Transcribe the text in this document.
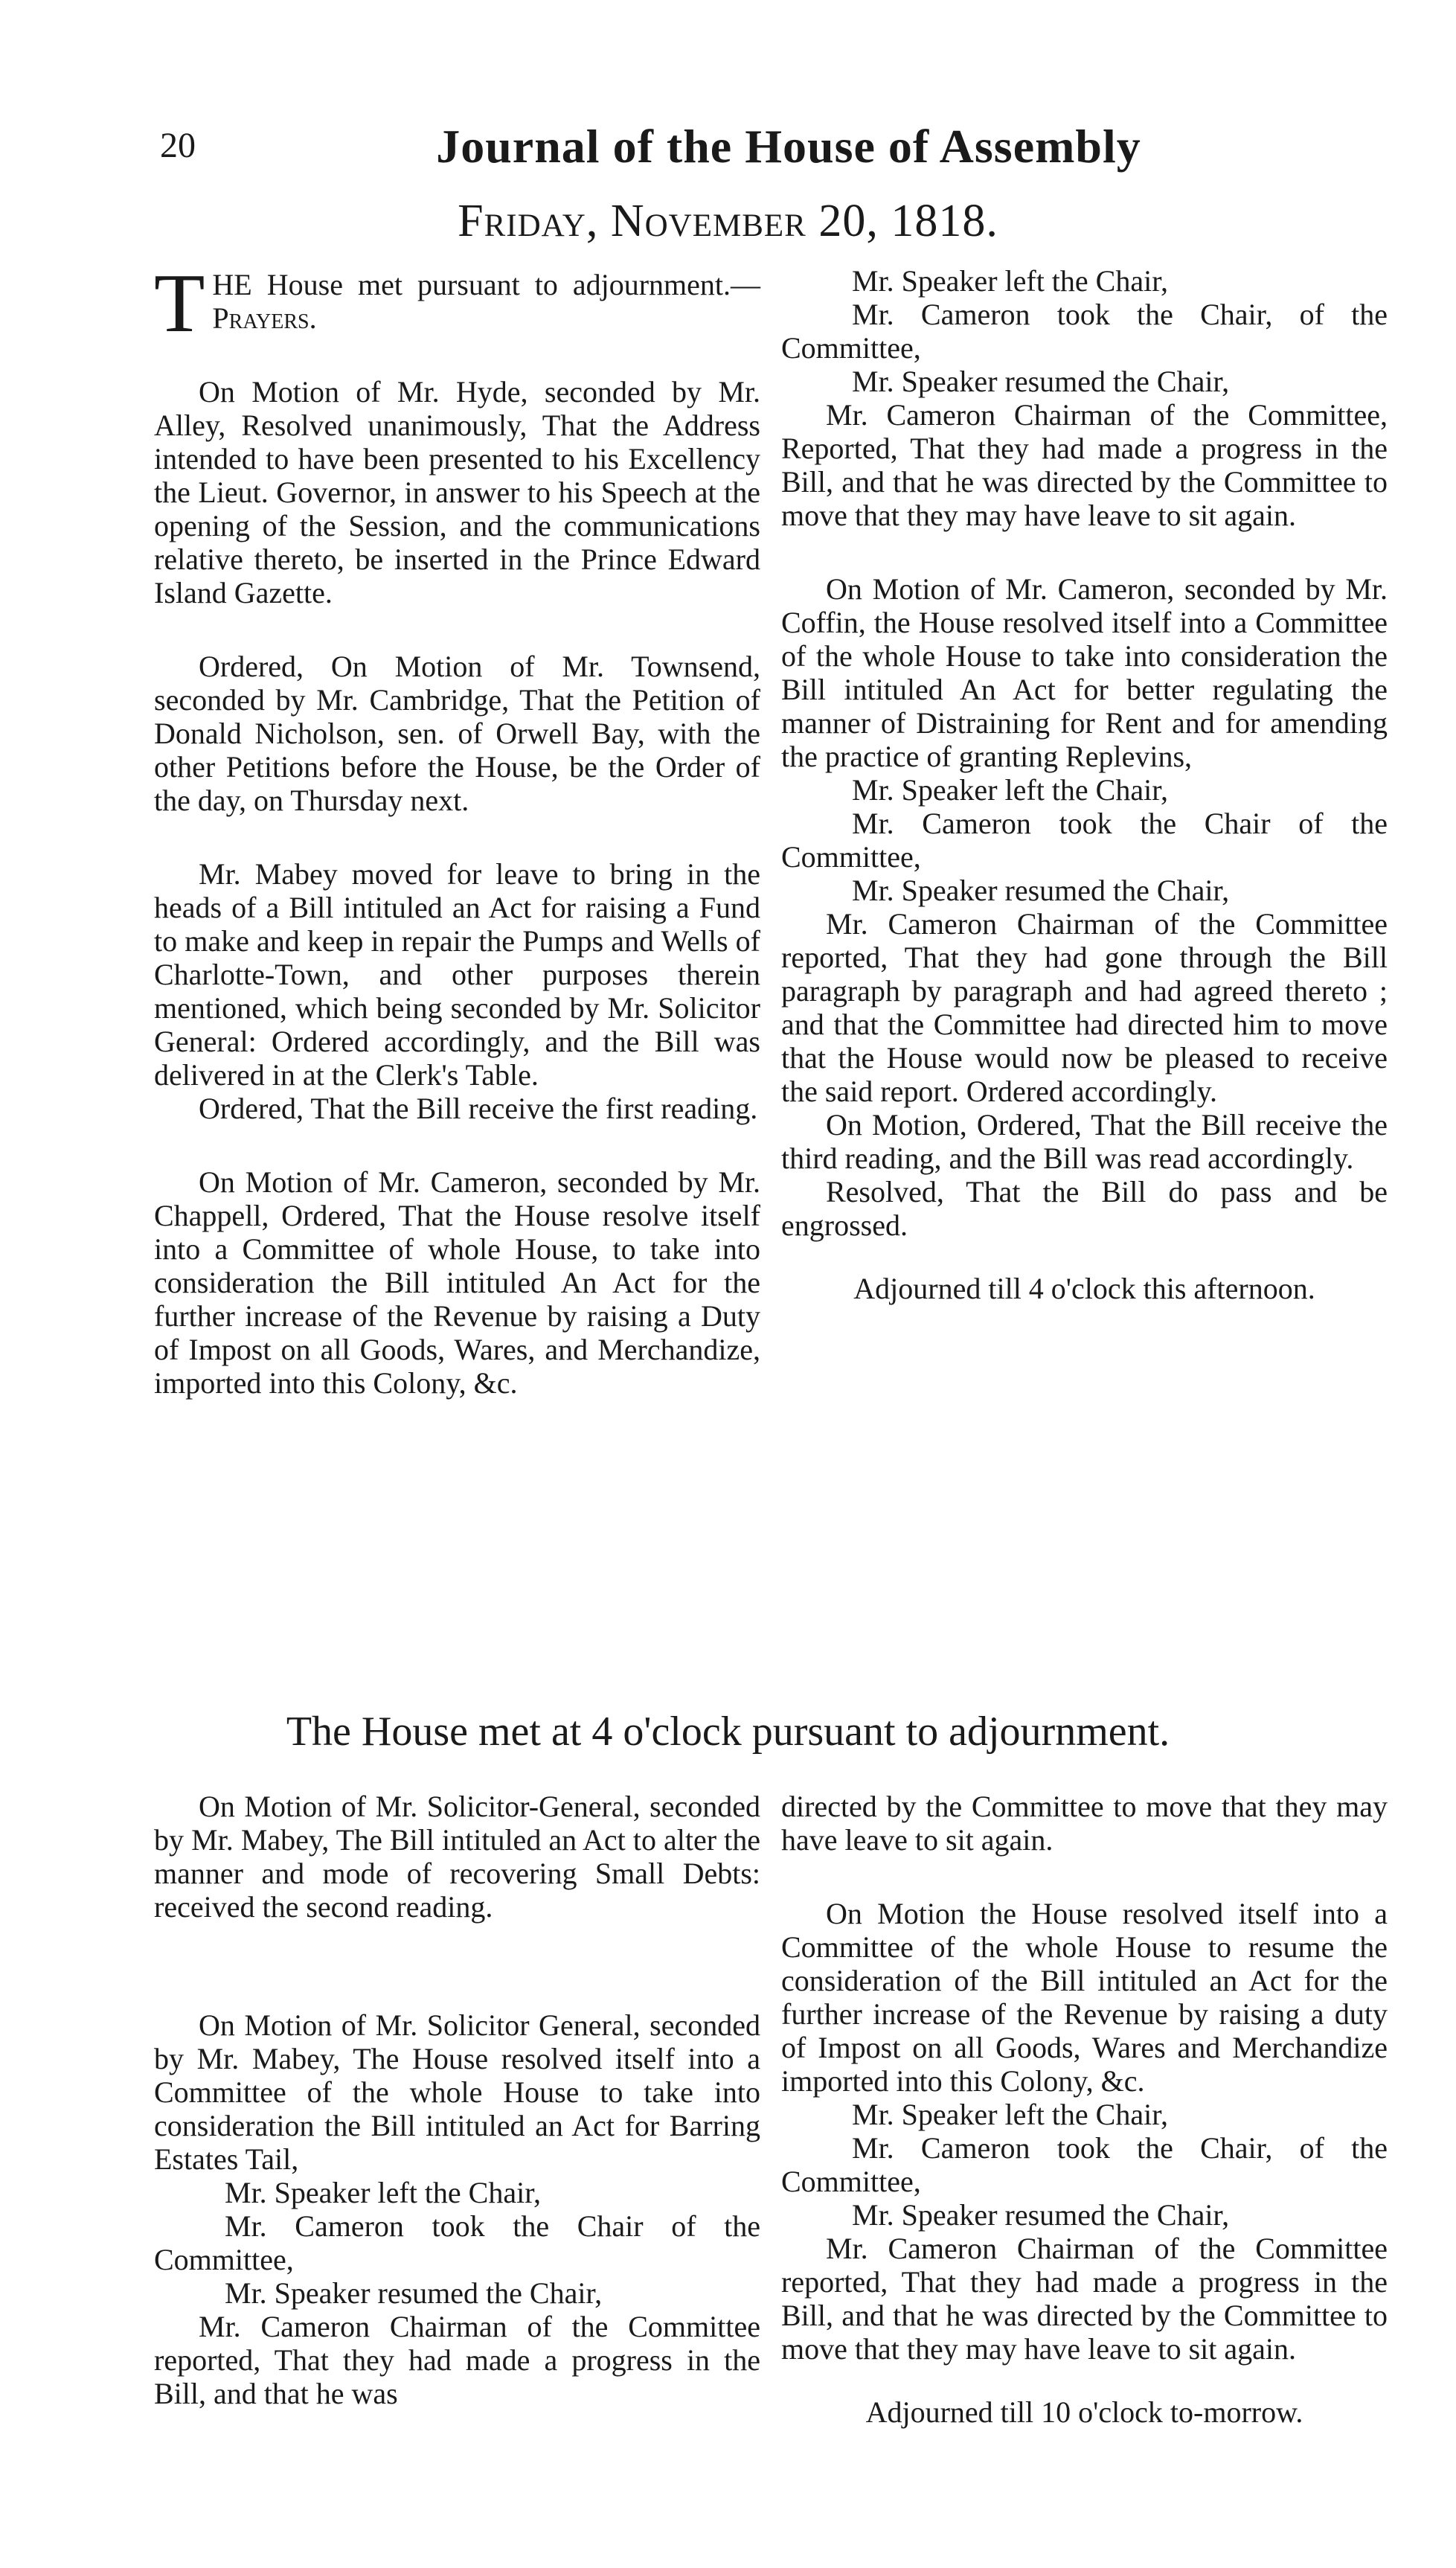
20	Journal of the House of Assembly
Friday, November 20, 1818.

THE House met pursuant to adjournment.— Prayers.

On Motion of Mr. Hyde, seconded by Mr. Alley, Resolved unanimously, That the Address intended to have been presented to his Excellency the Lieut. Governor, in answer to his Speech at the opening of the Session, and the communications relative thereto, be inserted in the Prince Edward Island Gazette.

Ordered, On Motion of Mr. Townsend, seconded by Mr. Cambridge, That the Petition of Donald Nicholson, sen. of Orwell Bay, with the other Petitions before the House, be the Order of the day, on Thursday next.

Mr. Mabey moved for leave to bring in the heads of a Bill intituled an Act for raising a Fund to make and keep in repair the Pumps and Wells of Charlotte-Town, and other purposes therein mentioned, which being seconded by Mr. Solicitor General: Ordered accordingly, and the Bill was delivered in at the Clerk's Table.

Ordered, That the Bill receive the first reading.

On Motion of Mr. Cameron, seconded by Mr. Chappell, Ordered, That the House resolve itself into a Committee of whole House, to take into consideration the Bill intituled An Act for the further increase of the Revenue by raising a Duty of Impost on all Goods, Wares, and Merchandize, imported into this Colony, &c.

Mr. Speaker left the Chair,

Mr. Cameron took the Chair, of the Committee,

Mr. Speaker resumed the Chair,

Mr. Cameron Chairman of the Committee, Reported, That they had made a progress in the Bill, and that he was directed by the Committee to move that they may have leave to sit again.

On Motion of Mr. Cameron, seconded by Mr. Coffin, the House resolved itself into a Committee of the whole House to take into consideration the Bill intituled An Act for better regulating the manner of Distraining for Rent and for amending the practice of granting Replevins,

Mr. Speaker left the Chair,

Mr. Cameron took the Chair of the Committee,

Mr. Speaker resumed the Chair,

Mr. Cameron Chairman of the Committee reported, That they had gone through the Bill paragraph by paragraph and had agreed thereto ; and that the Committee had directed him to move that the House would now be pleased to receive the said report. Ordered accordingly.

On Motion, Ordered, That the Bill receive the third reading, and the Bill was read accordingly.

Resolved, That the Bill do pass and be engrossed.

Adjourned till 4 o'clock this afternoon.

The House met at 4 o'clock pursuant to adjournment.

On Motion of Mr. Solicitor-General, seconded by Mr. Mabey, The Bill intituled an Act to alter the manner and mode of recovering Small Debts: received the second reading.

On Motion of Mr. Solicitor General, seconded by Mr. Mabey, The House resolved itself into a Committee of the whole House to take into consideration the Bill intituled an Act for Barring Estates Tail,

Mr. Speaker left the Chair,

Mr. Cameron took the Chair of the Committee,

Mr. Speaker resumed the Chair,

Mr. Cameron Chairman of the Committee reported, That they had made a progress in the Bill, and that he was

directed by the Committee to move that they may have leave to sit again.

On Motion the House resolved itself into a Committee of the whole House to resume the consideration of the Bill intituled an Act for the further increase of the Revenue by raising a duty of Impost on all Goods, Wares and Merchandize imported into this Colony, &c.

Mr. Speaker left the Chair,

Mr. Cameron took the Chair, of the Committee,

Mr. Speaker resumed the Chair,

Mr. Cameron Chairman of the Committee reported, That they had made a progress in the Bill, and that he was directed by the Committee to move that they may have leave to sit again.

Adjourned till 10 o'clock to-morrow.
